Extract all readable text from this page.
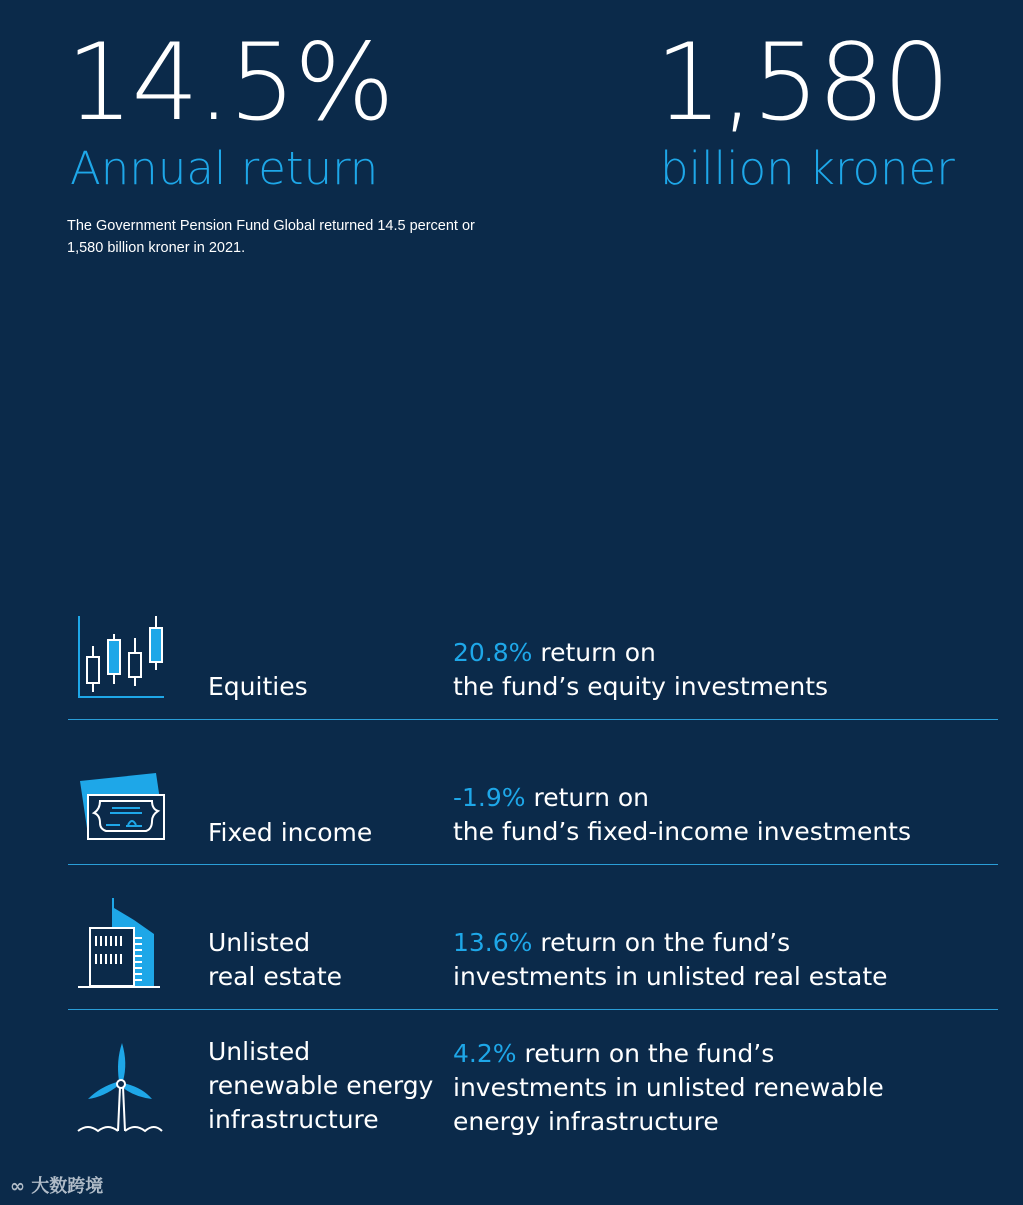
14.5%
Annual return
1,580
billion kroner
The Government Pension Fund Global returned 14.5 percent or
1,580 billion kroner in 2021.
Equities
20.8% return on
the fund’s equity investments
Fixed income
-1.9% return on
the fund’s fixed-income investments
Unlisted
real estate
13.6% return on the fund’s
investments in unlisted real estate
Unlisted
renewable energy
infrastructure
4.2% return on the fund’s
investments in unlisted renewable
energy infrastructure
∞ 大数跨境
